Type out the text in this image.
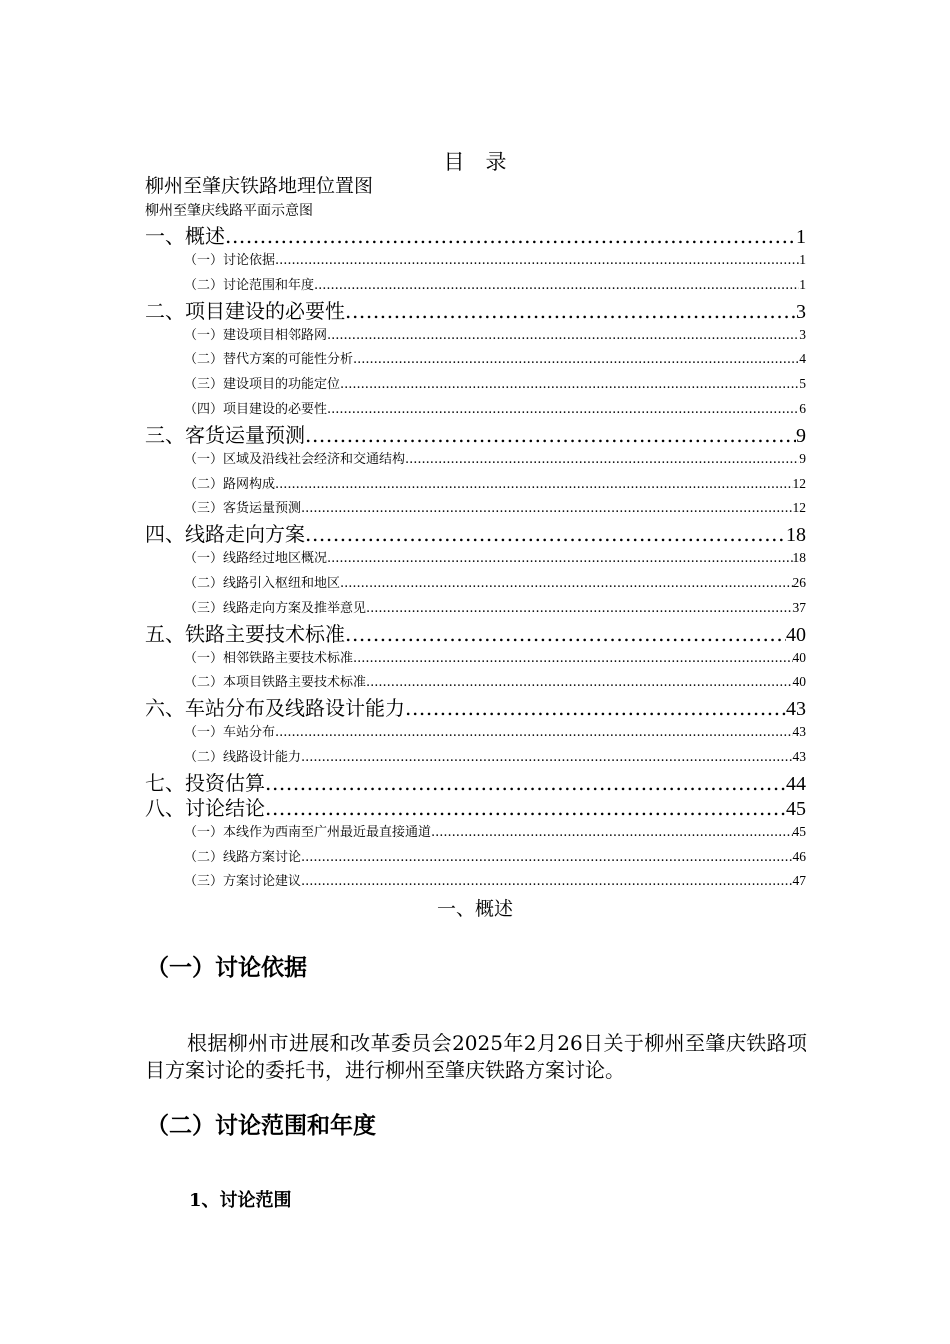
目　录
柳州至肇庆铁路地理位置图
柳州至肇庆线路平面示意图
一、概述 .....	1
（一）讨论依据 .....	1
（二）讨论范围和年度 .....	1
二、项目建设的必要性 .....	3
（一）建设项目相邻路网 .....	3
（二）替代方案的可能性分析 .....	4
（三）建设项目的功能定位 .....	5
（四）项目建设的必要性 .....	6
三、客货运量预测 .....	9
（一）区域及沿线社会经济和交通结构 .....	9
（二）路网构成 .....	12
（三）客货运量预测 .....	12
四、线路走向方案 .....	18
（一）线路经过地区概况 .....	18
（二）线路引入枢纽和地区 .....	26
（三）线路走向方案及推举意见 .....	37
五、铁路主要技术标准 .....	40
（一）相邻铁路主要技术标准 .....	40
（二）本项目铁路主要技术标准 .....	40
六、车站分布及线路设计能力 .....	43
（一）车站分布 .....	43
（二）线路设计能力 .....	43
七、投资估算 .....	44
八、讨论结论 .....	45
（一）本线作为西南至广州最近最直接通道 .....	45
（二）线路方案讨论 .....	46
（三）方案讨论建议 .....	47
一、概述
（一）讨论依据
根据柳州市进展和改革委员会2025年2月26日关于柳州至肇庆铁路项目方案讨论的委托书，进行柳州至肇庆铁路方案讨论。
（二）讨论范围和年度
1、讨论范围
